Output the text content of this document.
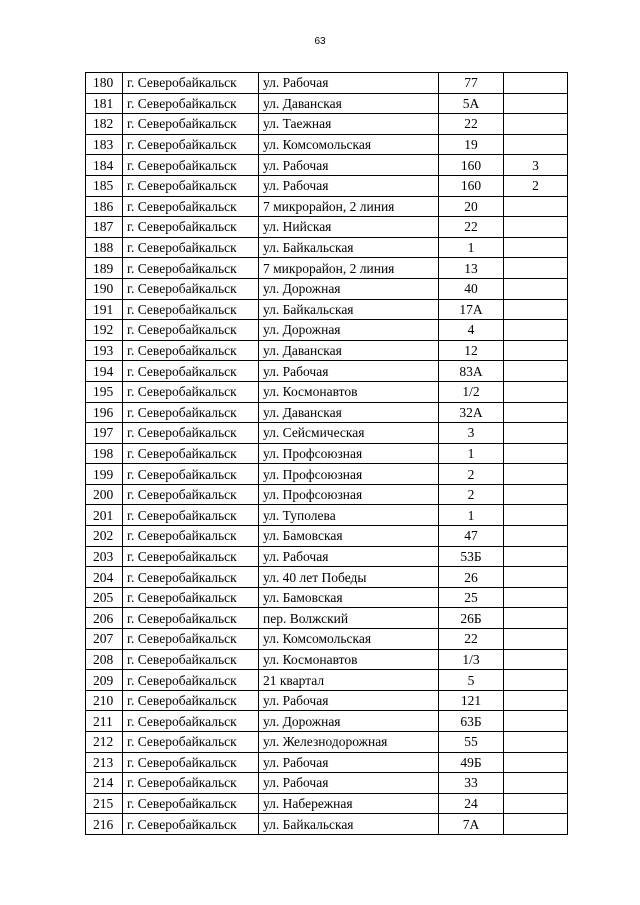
63
180	г. Северобайкальск	ул. Рабочая	77	
181	г. Северобайкальск	ул. Даванская	5А	
182	г. Северобайкальск	ул. Таежная	22	
183	г. Северобайкальск	ул. Комсомольская	19	
184	г. Северобайкальск	ул. Рабочая	160	3
185	г. Северобайкальск	ул. Рабочая	160	2
186	г. Северобайкальск	7 микрорайон, 2 линия	20	
187	г. Северобайкальск	ул. Нийская	22	
188	г. Северобайкальск	ул. Байкальская	1	
189	г. Северобайкальск	7 микрорайон, 2 линия	13	
190	г. Северобайкальск	ул. Дорожная	40	
191	г. Северобайкальск	ул. Байкальская	17А	
192	г. Северобайкальск	ул. Дорожная	4	
193	г. Северобайкальск	ул. Даванская	12	
194	г. Северобайкальск	ул. Рабочая	83А	
195	г. Северобайкальск	ул. Космонавтов	1/2	
196	г. Северобайкальск	ул. Даванская	32А	
197	г. Северобайкальск	ул. Сейсмическая	3	
198	г. Северобайкальск	ул. Профсоюзная	1	
199	г. Северобайкальск	ул. Профсоюзная	2	
200	г. Северобайкальск	ул. Профсоюзная	2	
201	г. Северобайкальск	ул. Туполева	1	
202	г. Северобайкальск	ул. Бамовская	47	
203	г. Северобайкальск	ул. Рабочая	53Б	
204	г. Северобайкальск	ул. 40 лет Победы	26	
205	г. Северобайкальск	ул. Бамовская	25	
206	г. Северобайкальск	пер. Волжский	26Б	
207	г. Северобайкальск	ул. Комсомольская	22	
208	г. Северобайкальск	ул. Космонавтов	1/3	
209	г. Северобайкальск	21 квартал	5	
210	г. Северобайкальск	ул. Рабочая	121	
211	г. Северобайкальск	ул. Дорожная	63Б	
212	г. Северобайкальск	ул. Железнодорожная	55	
213	г. Северобайкальск	ул. Рабочая	49Б	
214	г. Северобайкальск	ул. Рабочая	33	
215	г. Северобайкальск	ул. Набережная	24	
216	г. Северобайкальск	ул. Байкальская	7А	
